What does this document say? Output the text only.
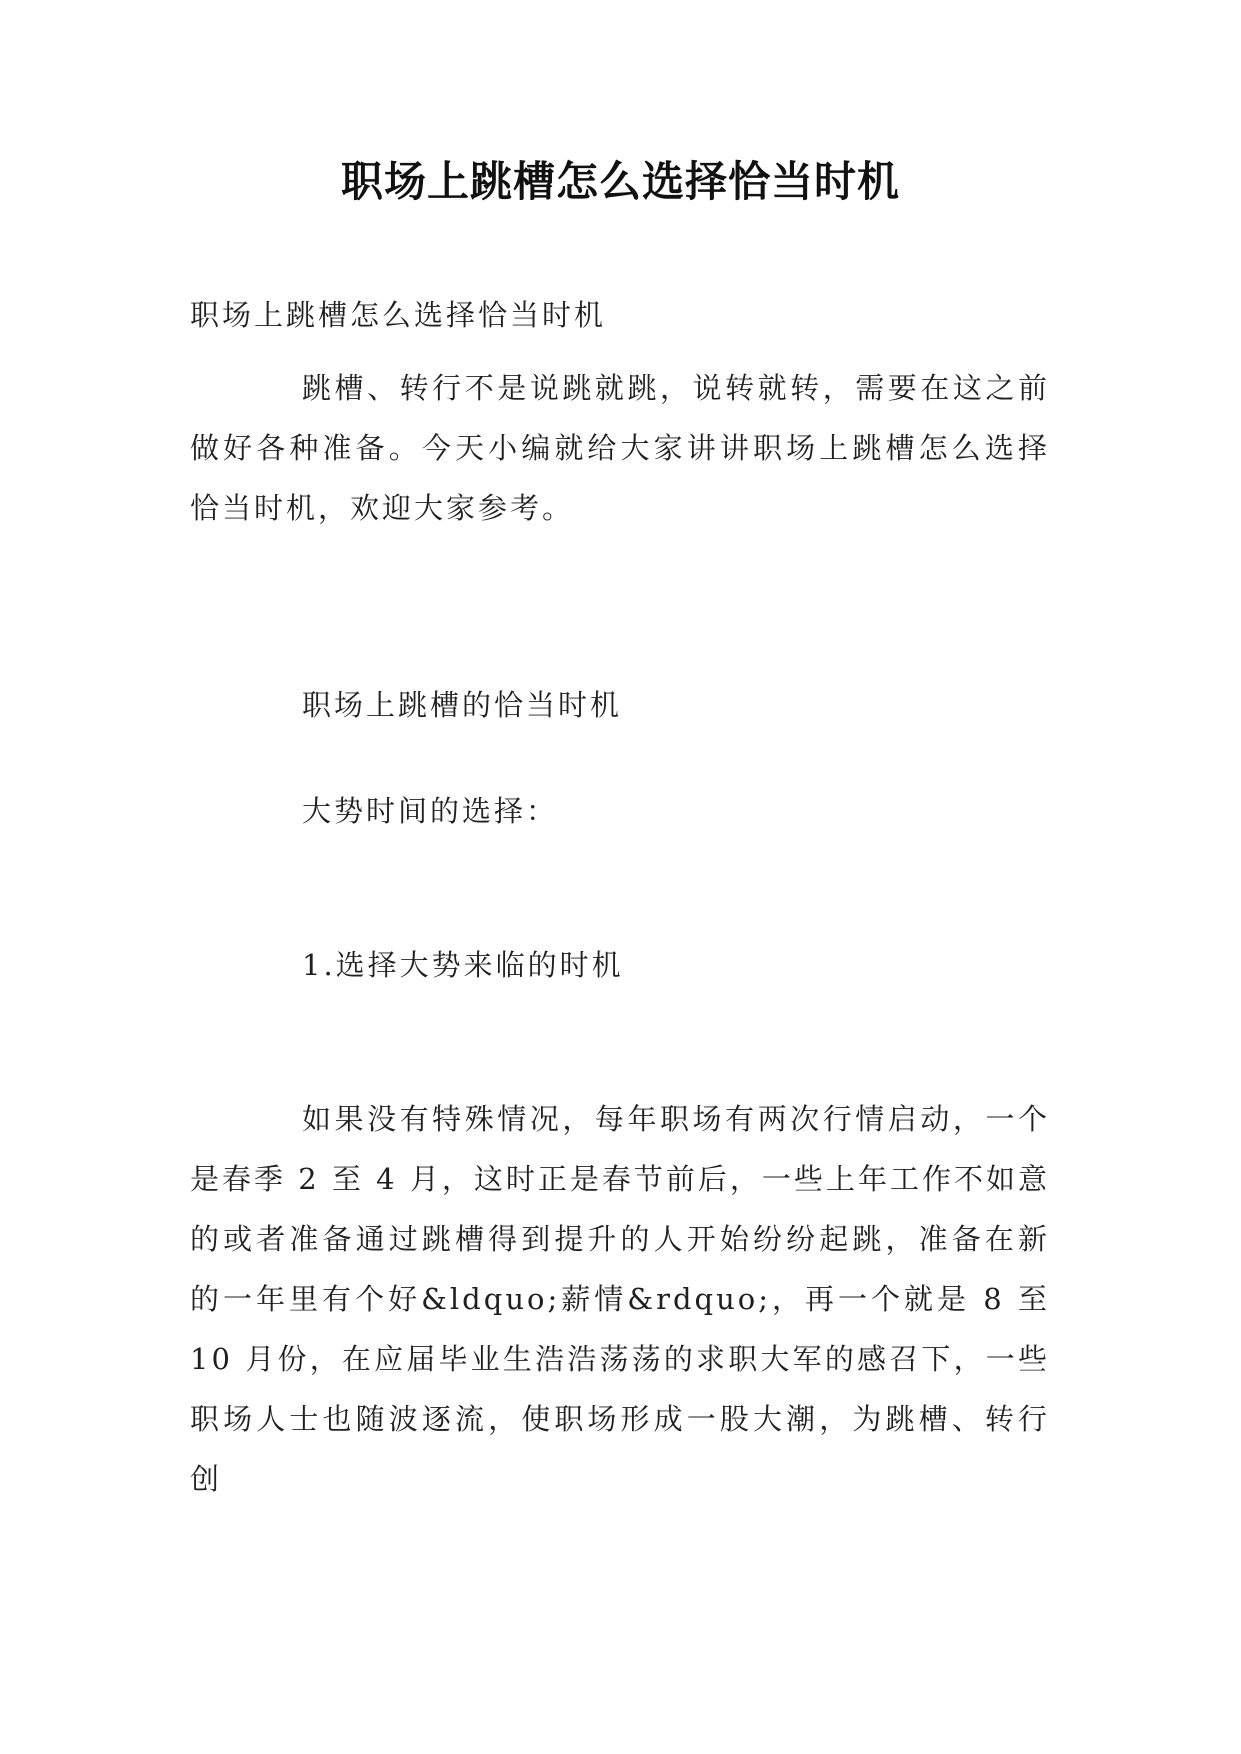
职场上跳槽怎么选择恰当时机

职场上跳槽怎么选择恰当时机

跳槽、转行不是说跳就跳，说转就转，需要在这之前做好各种准备。今天小编就给大家讲讲职场上跳槽怎么选择恰当时机，欢迎大家参考。

职场上跳槽的恰当时机

大势时间的选择：

1.选择大势来临的时机

如果没有特殊情况，每年职场有两次行情启动，一个是春季 2 至 4 月，这时正是春节前后，一些上年工作不如意的或者准备通过跳槽得到提升的人开始纷纷起跳，准备在新的一年里有个好&ldquo;薪情&rdquo;，再一个就是 8 至 10 月份，在应届毕业生浩浩荡荡的求职大军的感召下，一些职场人士也随波逐流，使职场形成一股大潮，为跳槽、转行创
